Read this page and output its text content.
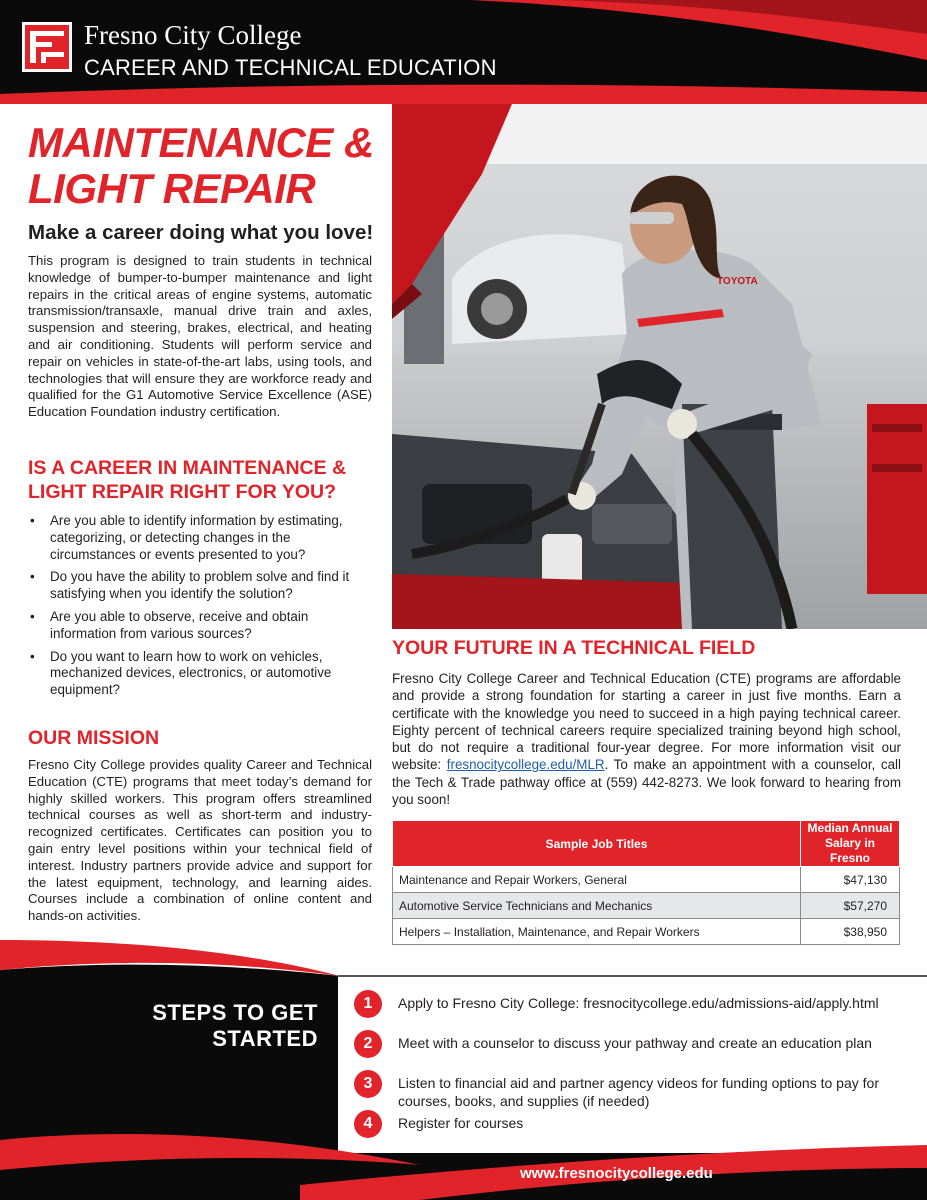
Fresno City College
CAREER AND TECHNICAL EDUCATION
MAINTENANCE &
LIGHT REPAIR
Make a career doing what you love!

This program is designed to train students in technical knowledge of bumper-to-bumper maintenance and light repairs in the critical areas of engine systems, automatic transmission/transaxle, manual drive train and axles, suspension and steering, brakes, electrical, and heating and air conditioning. Students will perform service and repair on vehicles in state-of-the-art labs, using tools, and technologies that will ensure they are workforce ready and qualified for the G1 Automotive Service Excellence (ASE) Education Foundation industry certification.

IS A CAREER IN MAINTENANCE &
LIGHT REPAIR RIGHT FOR YOU?
• Are you able to identify information by estimating, categorizing, or detecting changes in the circumstances or events presented to you?
• Do you have the ability to problem solve and find it satisfying when you identify the solution?
• Are you able to observe, receive and obtain information from various sources?
• Do you want to learn how to work on vehicles, mechanized devices, electronics, or automotive equipment?
OUR MISSION

Fresno City College provides quality Career and Technical Education (CTE) programs that meet today’s demand for highly skilled workers. This program offers streamlined technical courses as well as short-term and industry-recognized certificates. Certificates can position you to gain entry level positions within your technical field of interest. Industry partners provide advice and support for the latest equipment, technology, and learning aides. Courses include a combination of online content and hands-on activities.

TOYOTA
YOUR FUTURE IN A TECHNICAL FIELD

Fresno City College Career and Technical Education (CTE) programs are affordable and provide a strong foundation for starting a career in just five months. Earn a certificate with the knowledge you need to succeed in a high paying technical career. Eighty percent of technical careers require specialized training beyond high school, but do not require a traditional four-year degree. For more information visit our website: fresnocitycollege.edu/MLR. To make an appointment with a counselor, call the Tech & Trade pathway office at (559) 442-8273. We look forward to hearing from you soon!

Sample Job Titles	Median Annual
Salary in Fresno
Maintenance and Repair Workers, General	$47,130
Automotive Service Technicians and Mechanics	$57,270
Helpers – Installation, Maintenance, and Repair Workers	$38,950
STEPS TO GET
STARTED
1	Apply to Fresno City College: fresnocitycollege.edu/admissions-aid/apply.html
2	Meet with a counselor to discuss your pathway and create an education plan
3	Listen to financial aid and partner agency videos for funding options to pay for courses, books, and supplies (if needed)
4	Register for courses
www.fresnocitycollege.edu
